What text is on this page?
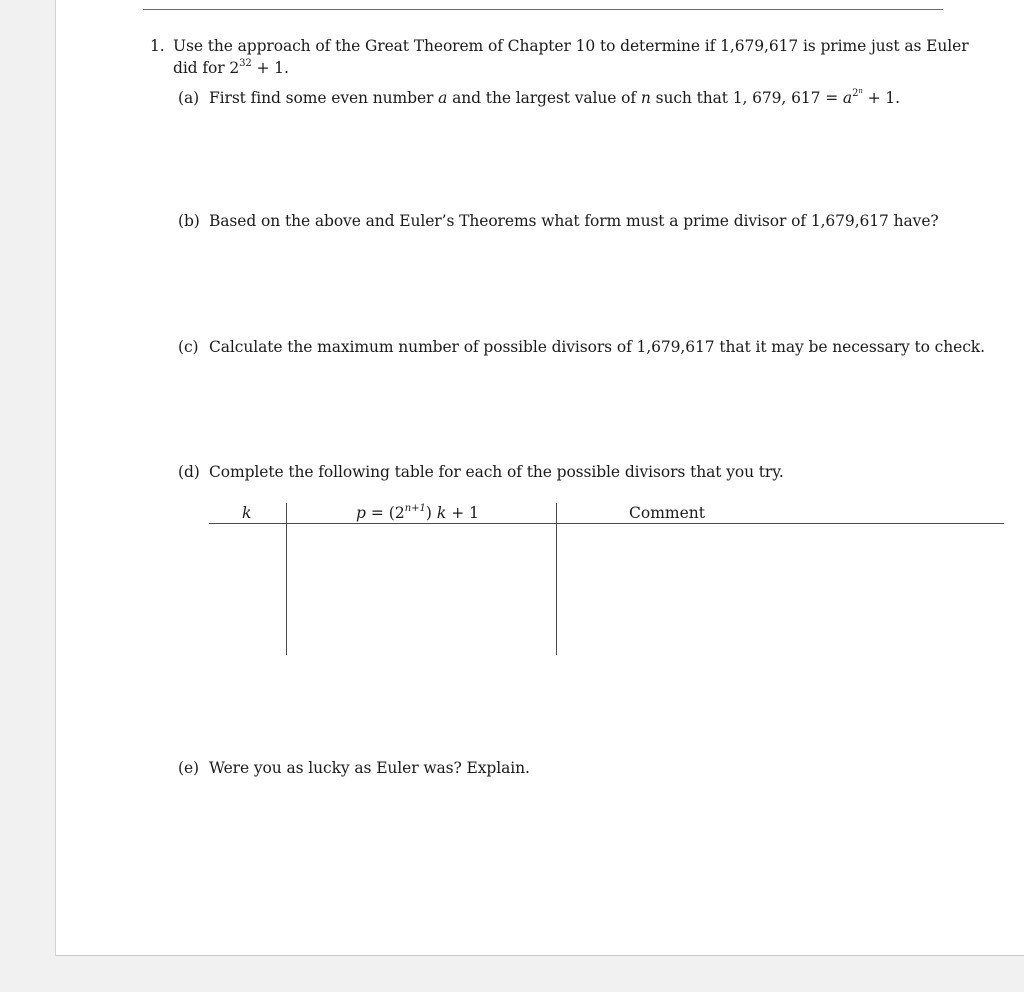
1. Use the approach of the Great Theorem of Chapter 10 to determine if 1,679,617 is prime just as Euler
did for $2^{32} + 1$.
(a) First find some even number a and the largest value of n such that 1, 679, $617 = a^{2^n} + 1$.
(b) Based on the above and Euler’s Theorems what form must a prime divisor of 1,679,617 have?
(c) Calculate the maximum number of possible divisors of 1,679,617 that it may be necessary to check.
(d) Complete the following table for each of the possible divisors that you try.
k	$p = (2^{n+1}) k + 1$	Comment
(e) Were you as lucky as Euler was? Explain.
